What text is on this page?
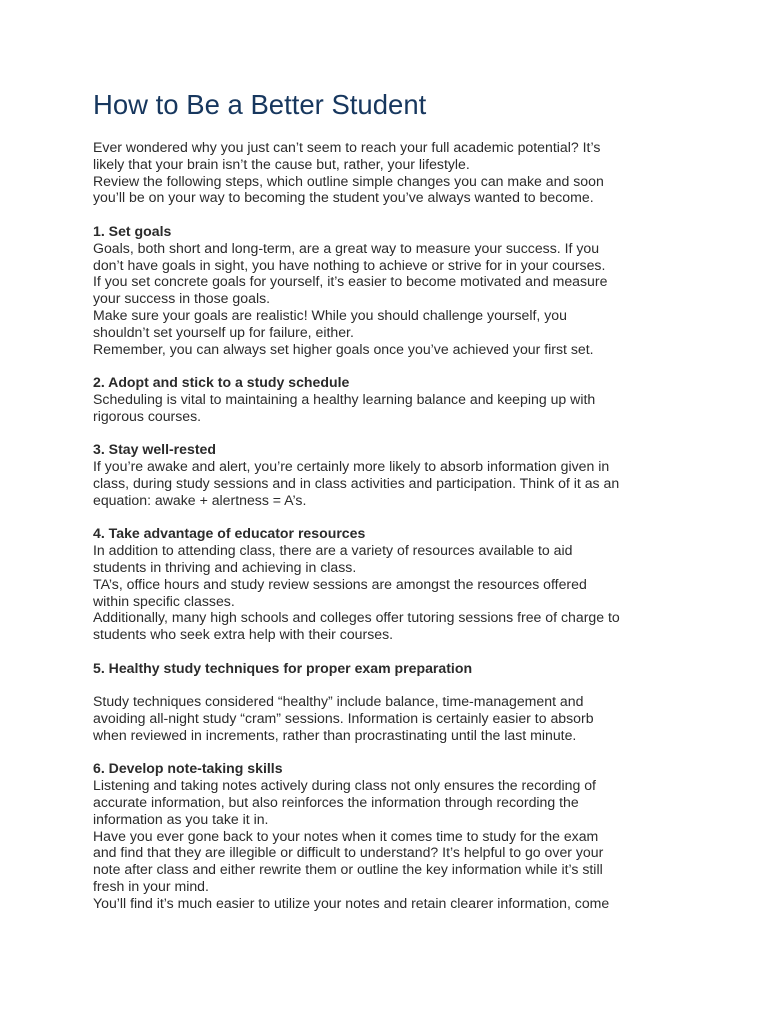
How to Be a Better Student

Ever wondered why you just can’t seem to reach your full academic potential? It’s

likely that your brain isn’t the cause but, rather, your lifestyle.

Review the following steps, which outline simple changes you can make and soon

you’ll be on your way to becoming the student you’ve always wanted to become.

1. Set goals

Goals, both short and long-term, are a great way to measure your success. If you

don’t have goals in sight, you have nothing to achieve or strive for in your courses.

If you set concrete goals for yourself, it’s easier to become motivated and measure

your success in those goals.

Make sure your goals are realistic! While you should challenge yourself, you

shouldn’t set yourself up for failure, either.

Remember, you can always set higher goals once you’ve achieved your first set.

2. Adopt and stick to a study schedule

Scheduling is vital to maintaining a healthy learning balance and keeping up with

rigorous courses.

3. Stay well-rested

If you’re awake and alert, you’re certainly more likely to absorb information given in

class, during study sessions and in class activities and participation. Think of it as an

equation: awake + alertness = A’s.

4. Take advantage of educator resources

In addition to attending class, there are a variety of resources available to aid

students in thriving and achieving in class.

TA’s, office hours and study review sessions are amongst the resources offered

within specific classes.

Additionally, many high schools and colleges offer tutoring sessions free of charge to

students who seek extra help with their courses.

5. Healthy study techniques for proper exam preparation

Study techniques considered “healthy” include balance, time-management and

avoiding all-night study “cram” sessions. Information is certainly easier to absorb

when reviewed in increments, rather than procrastinating until the last minute.

6. Develop note-taking skills

Listening and taking notes actively during class not only ensures the recording of

accurate information, but also reinforces the information through recording the

information as you take it in.

Have you ever gone back to your notes when it comes time to study for the exam

and find that they are illegible or difficult to understand? It’s helpful to go over your

note after class and either rewrite them or outline the key information while it’s still

fresh in your mind.

You’ll find it’s much easier to utilize your notes and retain clearer information, come
